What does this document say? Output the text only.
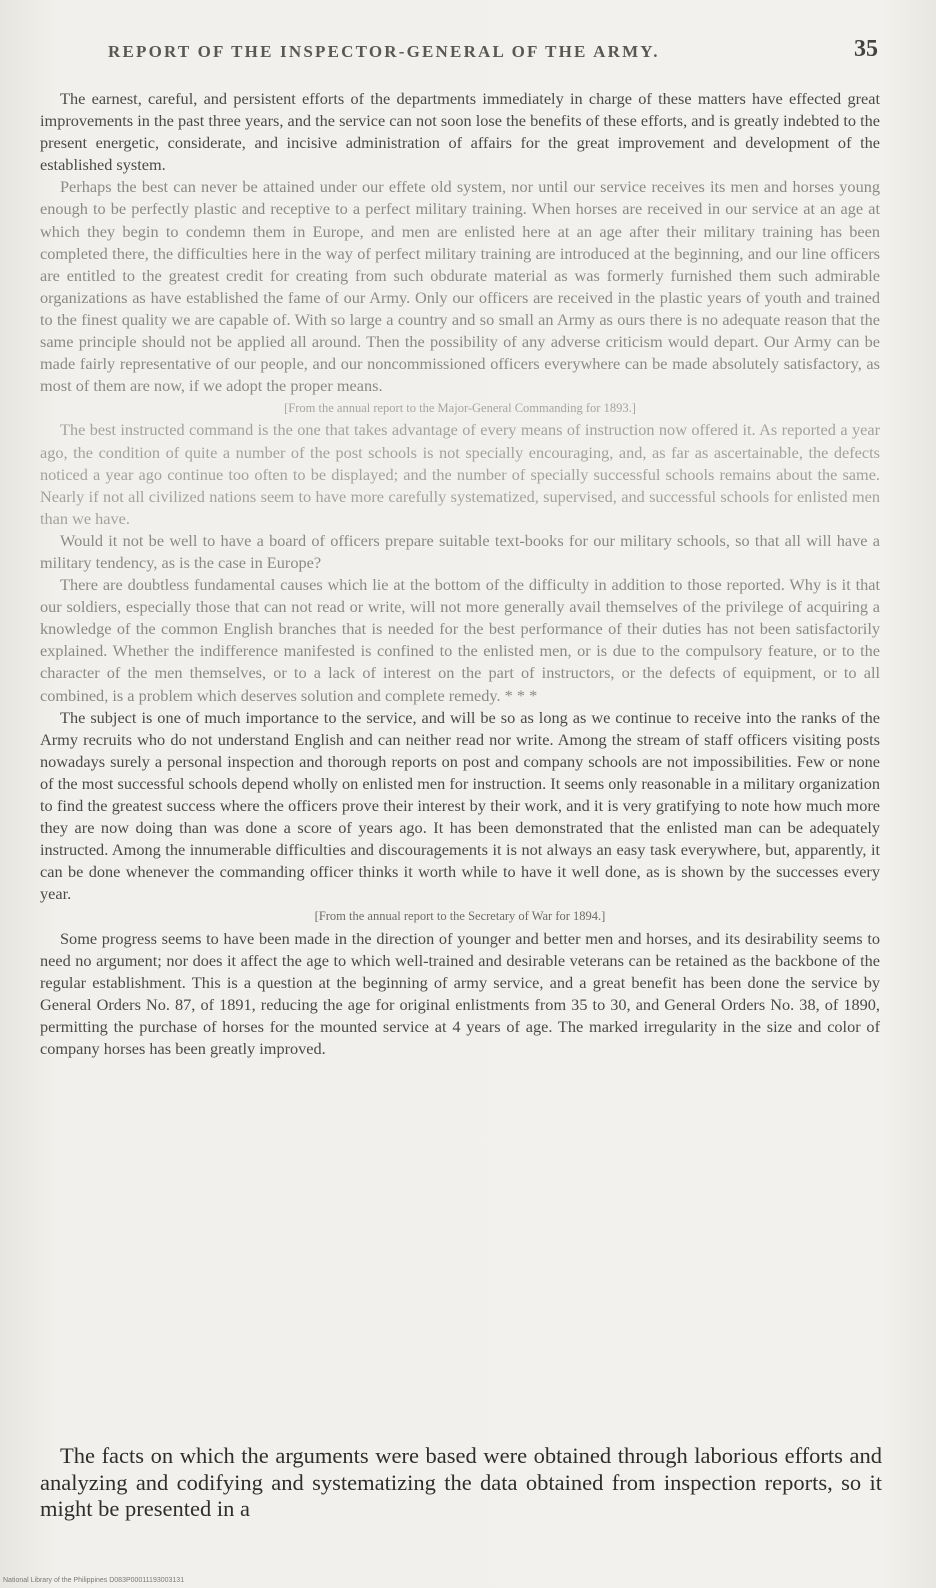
REPORT OF THE INSPECTOR-GENERAL OF THE ARMY.	35

The earnest, careful, and persistent efforts of the departments immediately in charge of these matters have effected great improvements in the past three years, and the service can not soon lose the benefits of these efforts, and is greatly indebted to the present energetic, considerate, and incisive administration of affairs for the great improvement and development of the established system.

Perhaps the best can never be attained under our effete old system, nor until our service receives its men and horses young enough to be perfectly plastic and receptive to a perfect military training. When horses are received in our service at an age at which they begin to condemn them in Europe, and men are enlisted here at an age after their military training has been completed there, the difficulties here in the way of perfect military training are introduced at the beginning, and our line officers are entitled to the greatest credit for creating from such obdurate material as was formerly furnished them such admirable organizations as have established the fame of our Army. Only our officers are received in the plastic years of youth and trained to the finest quality we are capable of. With so large a country and so small an Army as ours there is no adequate reason that the same principle should not be applied all around. Then the possibility of any adverse criticism would depart. Our Army can be made fairly representative of our people, and our noncommissioned officers everywhere can be made absolutely satisfactory, as most of them are now, if we adopt the proper means.

[From the annual report to the Major-General Commanding for 1893.]

The best instructed command is the one that takes advantage of every means of instruction now offered it. As reported a year ago, the condition of quite a number of the post schools is not specially encouraging, and, as far as ascertainable, the defects noticed a year ago continue too often to be displayed; and the number of specially successful schools remains about the same. Nearly if not all civilized nations seem to have more carefully systematized, supervised, and successful schools for enlisted men than we have.

Would it not be well to have a board of officers prepare suitable text-books for our military schools, so that all will have a military tendency, as is the case in Europe?

There are doubtless fundamental causes which lie at the bottom of the difficulty in addition to those reported. Why is it that our soldiers, especially those that can not read or write, will not more generally avail themselves of the privilege of acquiring a knowledge of the common English branches that is needed for the best performance of their duties has not been satisfactorily explained. Whether the indifference manifested is confined to the enlisted men, or is due to the compulsory feature, or to the character of the men themselves, or to a lack of interest on the part of instructors, or the defects of equipment, or to all combined, is a problem which deserves solution and complete remedy. * * *

The subject is one of much importance to the service, and will be so as long as we continue to receive into the ranks of the Army recruits who do not understand English and can neither read nor write. Among the stream of staff officers visiting posts nowadays surely a personal inspection and thorough reports on post and company schools are not impossibilities. Few or none of the most successful schools depend wholly on enlisted men for instruction. It seems only reasonable in a military organization to find the greatest success where the officers prove their interest by their work, and it is very gratifying to note how much more they are now doing than was done a score of years ago. It has been demonstrated that the enlisted man can be adequately instructed. Among the innumerable difficulties and discouragements it is not always an easy task everywhere, but, apparently, it can be done whenever the commanding officer thinks it worth while to have it well done, as is shown by the successes every year.

[From the annual report to the Secretary of War for 1894.]

Some progress seems to have been made in the direction of younger and better men and horses, and its desirability seems to need no argument; nor does it affect the age to which well-trained and desirable veterans can be retained as the backbone of the regular establishment. This is a question at the beginning of army service, and a great benefit has been done the service by General Orders No. 87, of 1891, reducing the age for original enlistments from 35 to 30, and General Orders No. 38, of 1890, permitting the purchase of horses for the mounted service at 4 years of age. The marked irregularity in the size and color of company horses has been greatly improved.

The facts on which the arguments were based were obtained through laborious efforts and analyzing and codifying and systematizing the data obtained from inspection reports, so it might be presented in a

National Library of the Philippines D083P00011193003131
